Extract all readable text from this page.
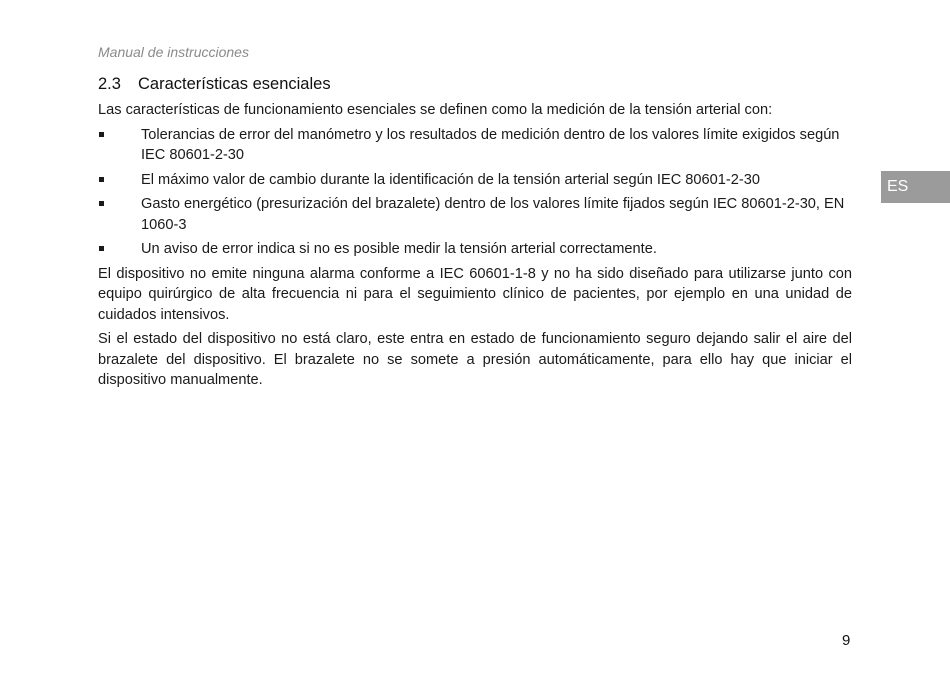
Manual de instrucciones
2.3 Características esenciales

Las características de funcionamiento esenciales se definen como la medición de la tensión arterial con:

Tolerancias de error del manómetro y los resultados de medición dentro de los valores límite exigidos según IEC 80601-2-30
El máximo valor de cambio durante la identificación de la tensión arterial según IEC 80601-2-30
Gasto energético (presurización del brazalete) dentro de los valores límite fijados según IEC 80601-2-30, EN 1060-3
Un aviso de error indica si no es posible medir la tensión arterial correctamente.

El dispositivo no emite ninguna alarma conforme a IEC 60601-1-8 y no ha sido diseñado para utilizarse junto con equipo quirúrgico de alta frecuencia ni para el seguimiento clínico de pacientes, por ejemplo en una unidad de cuidados intensivos.

Si el estado del dispositivo no está claro, este entra en estado de funcionamiento seguro dejando salir el aire del brazalete del dispositivo. El brazalete no se somete a presión automáticamente, para ello hay que iniciar el dispositivo manualmente.

ES
9
